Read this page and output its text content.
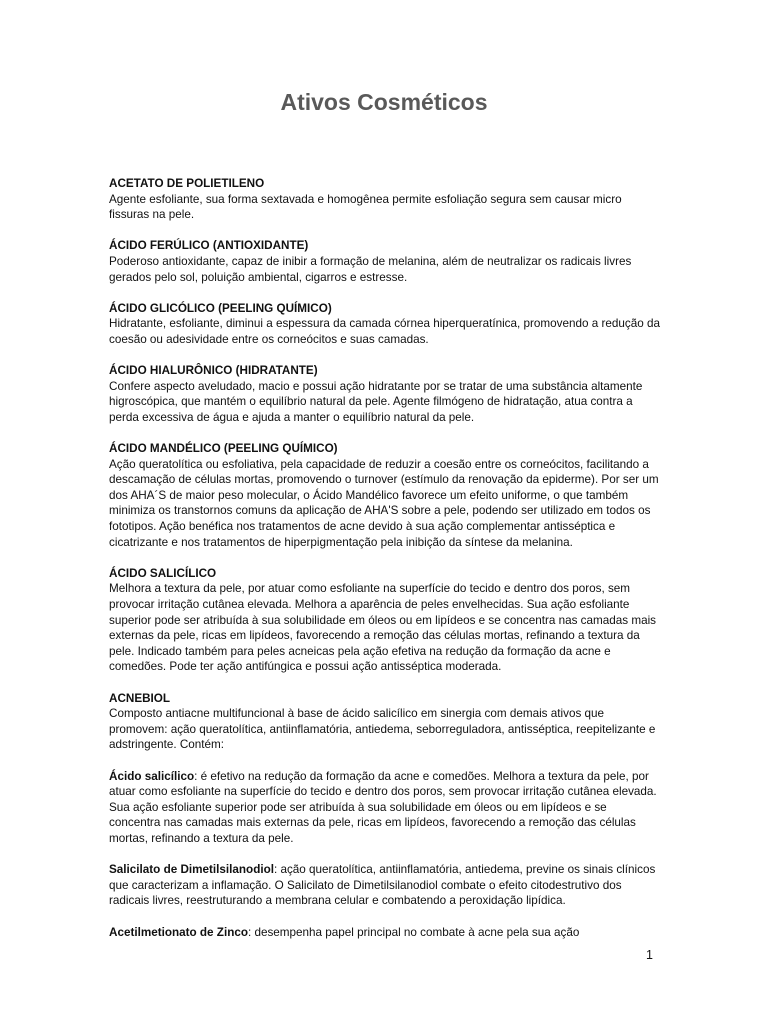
Ativos Cosméticos

ACETATO DE POLIETILENO

Agente esfoliante, sua forma sextavada e homogênea permite esfoliação segura sem causar micro fissuras na pele.

ÁCIDO FERÚLICO (ANTIOXIDANTE)

Poderoso antioxidante, capaz de inibir a formação de melanina, além de neutralizar os radicais livres gerados pelo sol, poluição ambiental, cigarros e estresse.

ÁCIDO GLICÓLICO (PEELING QUÍMICO)

Hidratante, esfoliante, diminui a espessura da camada córnea hiperqueratínica, promovendo a redução da coesão ou adesividade entre os corneócitos e suas camadas.

ÁCIDO HIALURÔNICO (HIDRATANTE)

Confere aspecto aveludado, macio e possui ação hidratante por se tratar de uma substância altamente higroscópica, que mantém o equilíbrio natural da pele. Agente filmógeno de hidratação, atua contra a perda excessiva de água e ajuda a manter o equilíbrio natural da pele.

ÁCIDO MANDÉLICO (PEELING QUÍMICO)

Ação queratolítica ou esfoliativa, pela capacidade de reduzir a coesão entre os corneócitos, facilitando a descamação de células mortas, promovendo o turnover (estímulo da renovação da epiderme). Por ser um dos AHA´S de maior peso molecular, o Ácido Mandélico favorece um efeito uniforme, o que também minimiza os transtornos comuns da aplicação de AHA'S sobre a pele, podendo ser utilizado em todos os fototipos. Ação benéfica nos tratamentos de acne devido à sua ação complementar antisséptica e cicatrizante e nos tratamentos de hiperpigmentação pela inibição da síntese da melanina.

ÁCIDO SALICÍLICO

Melhora a textura da pele, por atuar como esfoliante na superfície do tecido e dentro dos poros, sem provocar irritação cutânea elevada. Melhora a aparência de peles envelhecidas. Sua ação esfoliante superior pode ser atribuída à sua solubilidade em óleos ou em lipídeos e se concentra nas camadas mais externas da pele, ricas em lipídeos, favorecendo a remoção das células mortas, refinando a textura da pele. Indicado também para peles acneicas pela ação efetiva na redução da formação da acne e comedões. Pode ter ação antifúngica e possui ação antisséptica moderada.

ACNEBIOL

Composto antiacne multifuncional à base de ácido salicílico em sinergia com demais ativos que promovem: ação queratolítica, antiinflamatória, antiedema, seborreguladora, antisséptica, reepitelizante e adstringente. Contém:

Ácido salicílico: é efetivo na redução da formação da acne e comedões. Melhora a textura da pele, por atuar como esfoliante na superfície do tecido e dentro dos poros, sem provocar irritação cutânea elevada. Sua ação esfoliante superior pode ser atribuída à sua solubilidade em óleos ou em lipídeos e se concentra nas camadas mais externas da pele, ricas em lipídeos, favorecendo a remoção das células mortas, refinando a textura da pele.

Salicilato de Dimetilsilanodiol: ação queratolítica, antiinflamatória, antiedema, previne os sinais clínicos que caracterizam a inflamação. O Salicilato de Dimetilsilanodiol combate o efeito citodestrutivo dos radicais livres, reestruturando a membrana celular e combatendo a peroxidação lipídica.

Acetilmetionato de Zinco: desempenha papel principal no combate à acne pela sua ação

1
